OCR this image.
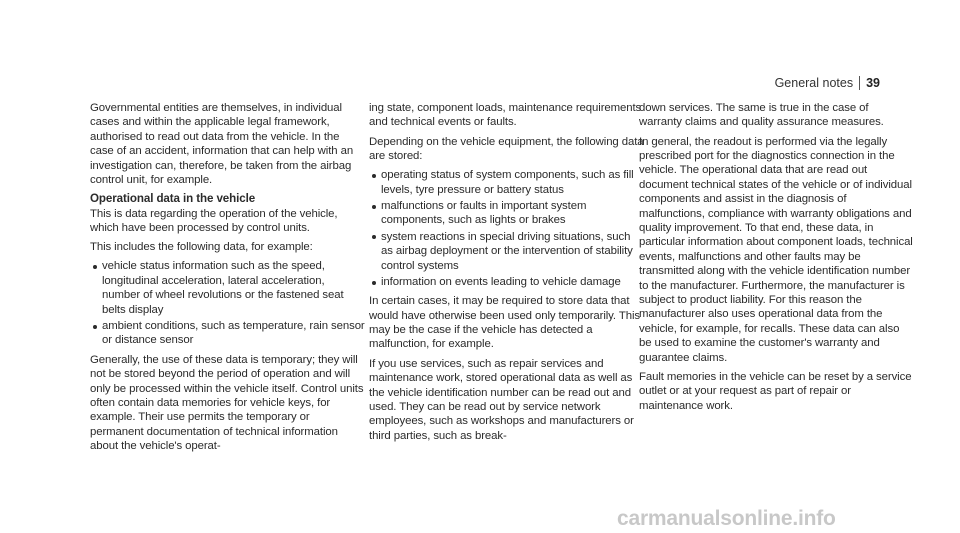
General notes 39

Governmental entities are themselves, in individual cases and within the applicable legal framework, authorised to read out data from the vehicle. In the case of an accident, information that can help with an investigation can, therefore, be taken from the airbag control unit, for example.

Operational data in the vehicle

This is data regarding the operation of the vehicle, which have been processed by control units.

This includes the following data, for example:

vehicle status information such as the speed, longitudinal acceleration, lateral acceleration, number of wheel revolutions or the fastened seat belts display
ambient conditions, such as temperature, rain sensor or distance sensor

Generally, the use of these data is temporary; they will not be stored beyond the period of operation and will only be processed within the vehicle itself. Control units often contain data memories for vehicle keys, for example. Their use permits the temporary or permanent documentation of technical information about the vehicle's operat-

ing state, component loads, maintenance requirements and technical events or faults.

Depending on the vehicle equipment, the following data are stored:

operating status of system components, such as fill levels, tyre pressure or battery status
malfunctions or faults in important system components, such as lights or brakes
system reactions in special driving situations, such as airbag deployment or the intervention of stability control systems
information on events leading to vehicle damage

In certain cases, it may be required to store data that would have otherwise been used only temporarily. This may be the case if the vehicle has detected a malfunction, for example.

If you use services, such as repair services and maintenance work, stored operational data as well as the vehicle identification number can be read out and used. They can be read out by service network employees, such as workshops and manufacturers or third parties, such as break-

down services. The same is true in the case of warranty claims and quality assurance measures.

In general, the readout is performed via the legally prescribed port for the diagnostics connection in the vehicle. The operational data that are read out document technical states of the vehicle or of individual components and assist in the diagnosis of malfunctions, compliance with warranty obligations and quality improvement. To that end, these data, in particular information about component loads, technical events, malfunctions and other faults may be transmitted along with the vehicle identification number to the manufacturer. Furthermore, the manufacturer is subject to product liability. For this reason the manufacturer also uses operational data from the vehicle, for example, for recalls. These data can also be used to examine the customer's warranty and guarantee claims.

Fault memories in the vehicle can be reset by a service outlet or at your request as part of repair or maintenance work.

carmanualsonline.info
